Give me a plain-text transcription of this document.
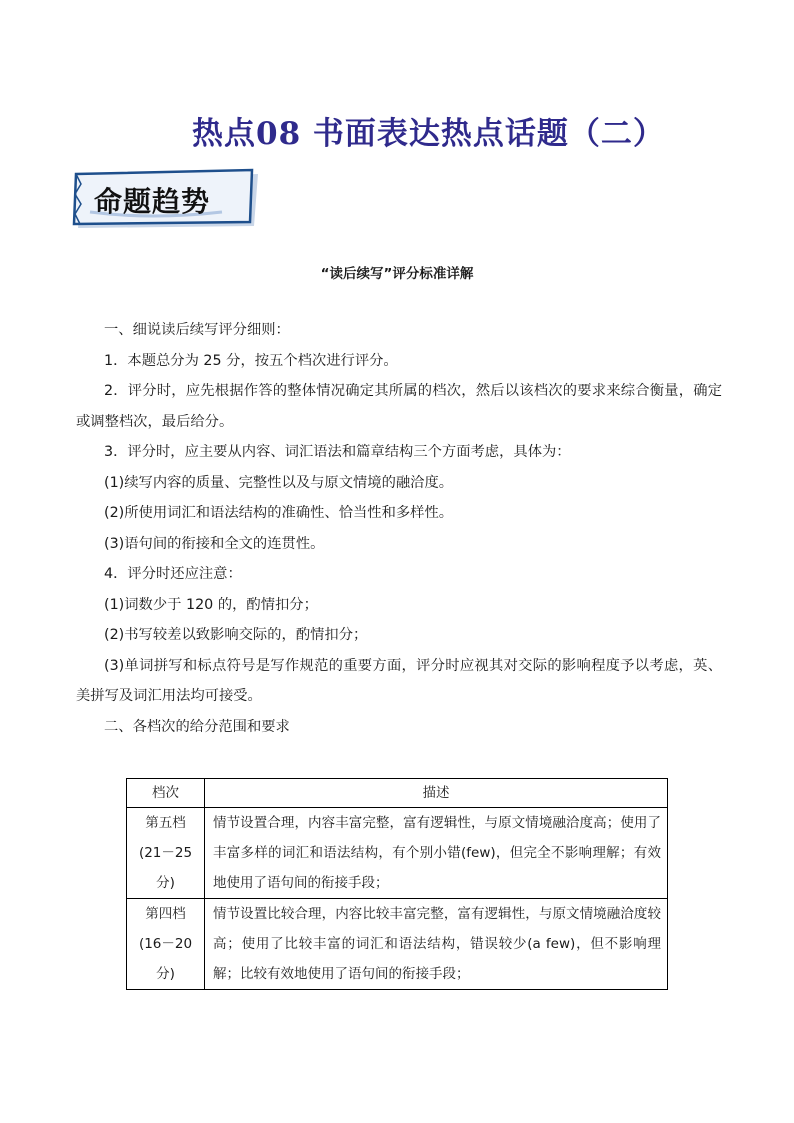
热点08 书面表达热点话题（二）
命题趋势
“读后续写”评分标准详解

一、细说读后续写评分细则：

1．本题总分为 25 分，按五个档次进行评分。

2．评分时，应先根据作答的整体情况确定其所属的档次，然后以该档次的要求来综合衡量，确定或调整档次，最后给分。

3．评分时，应主要从内容、词汇语法和篇章结构三个方面考虑，具体为：

(1)续写内容的质量、完整性以及与原文情境的融洽度。

(2)所使用词汇和语法结构的准确性、恰当性和多样性。

(3)语句间的衔接和全文的连贯性。

4．评分时还应注意：

(1)词数少于 120 的，酌情扣分；

(2)书写较差以致影响交际的，酌情扣分；

(3)单词拼写和标点符号是写作规范的重要方面，评分时应视其对交际的影响程度予以考虑，英、美拼写及词汇用法均可接受。

二、各档次的给分范围和要求

档次	描述

第五档
(21－25
分)	情节设置合理，内容丰富完整，富有逻辑性，与原文情境融洽度高；使用了丰富多样的词汇和语法结构，有个别小错(few)，但完全不影响理解；有效地使用了语句间的衔接手段；

第四档
(16－20
分)	情节设置比较合理，内容比较丰富完整，富有逻辑性，与原文情境融洽度较高；使用了比较丰富的词汇和语法结构，错误较少(a few)，但不影响理解；比较有效地使用了语句间的衔接手段；
